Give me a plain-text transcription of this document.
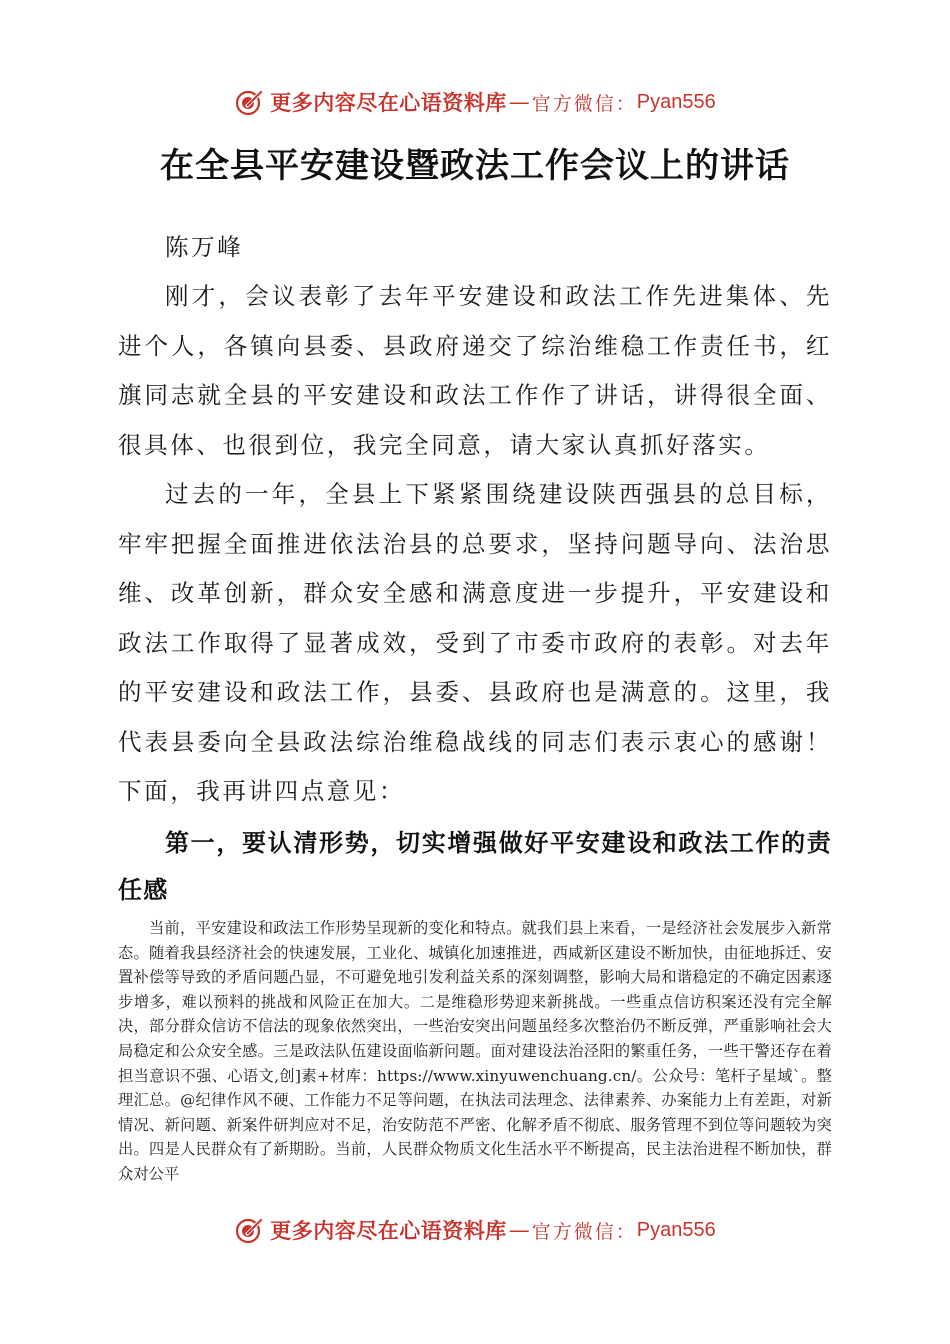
更多内容尽在心语资料库 — 官方微信： Pyan556
在全县平安建设暨政法工作会议上的讲话
陈万峰
刚才，会议表彰了去年平安建设和政法工作先进集体、先进个人，各镇向县委、县政府递交了综治维稳工作责任书，红旗同志就全县的平安建设和政法工作作了讲话，讲得很全面、很具体、也很到位，我完全同意，请大家认真抓好落实。
过去的一年，全县上下紧紧围绕建设陕西强县的总目标，牢牢把握全面推进依法治县的总要求，坚持问题导向、法治思维、改革创新，群众安全感和满意度进一步提升，平安建设和政法工作取得了显著成效，受到了市委市政府的表彰。对去年的平安建设和政法工作，县委、县政府也是满意的。这里，我代表县委向全县政法综治维稳战线的同志们表示衷心的感谢！下面，我再讲四点意见：
第一，要认清形势，切实增强做好平安建设和政法工作的责任感
当前，平安建设和政法工作形势呈现新的变化和特点。就我们县上来看，一是经济社会发展步入新常态。随着我县经济社会的快速发展，工业化、城镇化加速推进，西咸新区建设不断加快，由征地拆迁、安置补偿等导致的矛盾问题凸显，不可避免地引发利益关系的深刻调整，影响大局和谐稳定的不确定因素逐步增多，难以预料的挑战和风险正在加大。二是维稳形势迎来新挑战。一些重点信访积案还没有完全解决，部分群众信访不信法的现象依然突出，一些治安突出问题虽经多次整治仍不断反弹，严重影响社会大局稳定和公众安全感。三是政法队伍建设面临新问题。面对建设法治泾阳的繁重任务，一些干警还存在着担当意识不强、心语文,创]素+材库：https://www.xinyuwenchuang.cn/。公众号：笔杆子星域`。整理汇总。@纪律作风不硬、工作能力不足等问题，在执法司法理念、法律素养、办案能力上有差距，对新情况、新问题、新案件研判应对不足，治安防范不严密、化解矛盾不彻底、服务管理不到位等问题较为突出。四是人民群众有了新期盼。当前，人民群众物质文化生活水平不断提高，民主法治进程不断加快，群众对公平
更多内容尽在心语资料库 — 官方微信： Pyan556
